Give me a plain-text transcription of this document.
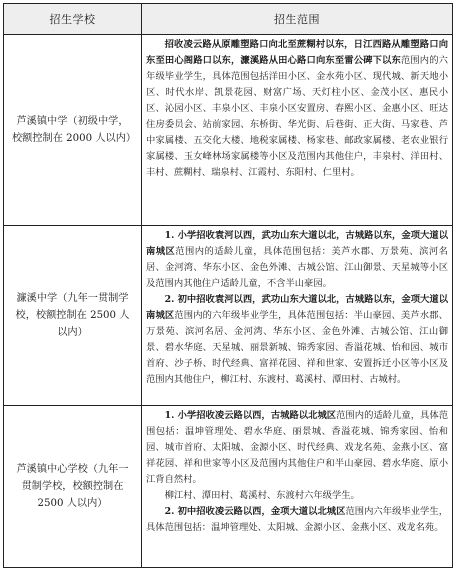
招生学校	招生范围
芦溪镇中学（初级中学，校额控制在 2000 人以内）	招收凌云路从原雕塑路口向北至蔗糊村以东，日江西路从雕塑路口向东至田心阁路口以东，濂溪路从田心路口向东至雷公碑下以东范围内的六年级毕业学生，具体范围包括洋田小区、金水苑小区、现代城、新天地小区、时代水岸、凯景花园、财富广场、天灯柱小区、金茂小区、惠民小区、沁园小区、丰泉小区、丰泉小区安置房、春熙小区、金惠小区、旺达住房委员会、站前家园、东桥街、华光街、后巷街、正大街、马家巷、芦中家属楼、五交化大楼、地税家属楼、杨家巷、邮政家属楼、老农业银行家属楼、玉女峰林场家属楼等小区及范围内其他住户，丰泉村、洋田村、丰村、蔗糊村、瑞泉村、江霞村、东阳村、仁里村。

濂溪中学（九年一贯制学校，校额控制在 2500 人以内）	1. 小学招收袁河以西，武功山东大道以北，古城路以东，金项大道以南城区范围内的适龄儿童，具体范围包括：美芦水郡、万景苑、滨河名居、金河湾、华东小区、金色外滩、古城公馆、江山御景、天星城等小区及范围内其他住户适龄儿童，不含半山豪园。

2. 初中招收袁河以西，武功山东大道以北，古城路以东，金项大道以南城区范围内的六年级毕业学生，具体范围包括：半山豪园、美芦水郡、万景苑、滨河名居、金河湾、华东小区、金色外滩、古城公馆、江山御景、碧水华庭、天星城、丽景新城、锦秀家园、香溢花城、怡和园、城市首府、沙子桥、时代经典、富祥花园、祥和世家、安置拆迁小区等小区及范围内其他住户，柳江村、东渡村、葛溪村、潭田村、古城村。

芦溪镇中心学校（九年一贯制学校，校额控制在 2500 人以内）	1. 小学招收凌云路以西，古城路以北城区范围内的适龄儿童，具体范围包括：温坤管理处、碧水华庭、丽景城、香溢花城、锦秀家园、怡和园、城市首府、太阳城、金源小区、时代经典、戏龙名苑、金燕小区、富祥花园、祥和世家等小区及范围内其他住户和半山豪园、碧水华庭、原小江背自然村。

柳江村、潭田村、葛溪村、东渡村六年级学生。

2. 初中招收凌云路以西，金项大道以北城区范围内六年级毕业学生，具体范围包括：温坤管理处、太阳城、金源小区、金燕小区、戏龙名苑。
